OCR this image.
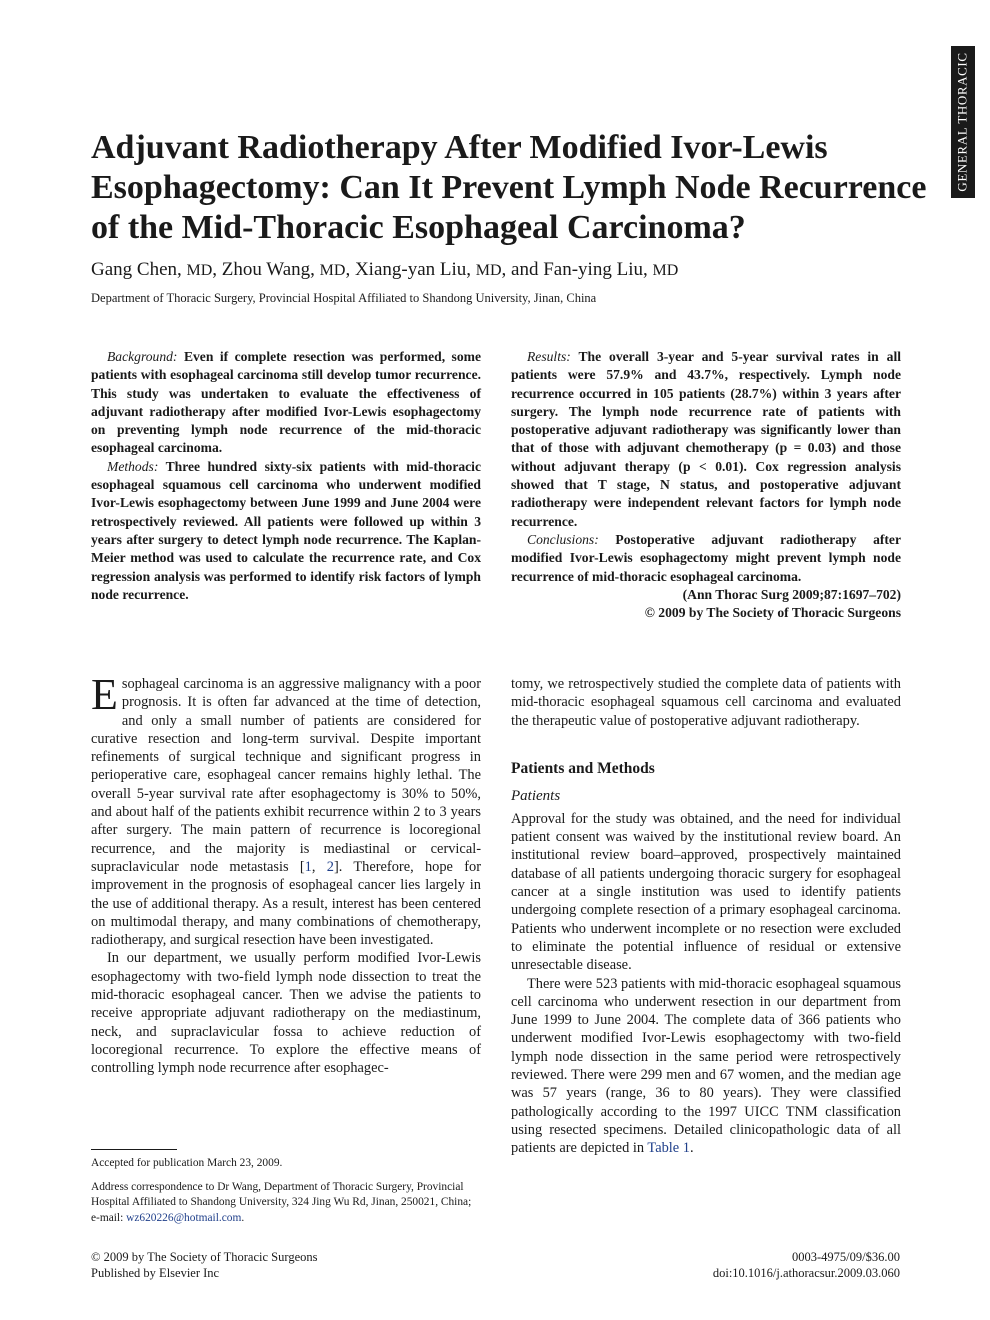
GENERAL THORACIC
Adjuvant Radiotherapy After Modified Ivor-Lewis Esophagectomy: Can It Prevent Lymph Node Recurrence of the Mid-Thoracic Esophageal Carcinoma?

Gang Chen, MD, Zhou Wang, MD, Xiang-yan Liu, MD, and Fan-ying Liu, MD

Department of Thoracic Surgery, Provincial Hospital Affiliated to Shandong University, Jinan, China

Background: Even if complete resection was performed, some patients with esophageal carcinoma still develop tumor recurrence. This study was undertaken to evaluate the effectiveness of adjuvant radiotherapy after modified Ivor-Lewis esophagectomy on preventing lymph node recurrence of the mid-thoracic esophageal carcinoma.

Methods: Three hundred sixty-six patients with mid-thoracic esophageal squamous cell carcinoma who underwent modified Ivor-Lewis esophagectomy between June 1999 and June 2004 were retrospectively reviewed. All patients were followed up within 3 years after surgery to detect lymph node recurrence. The Kaplan-Meier method was used to calculate the recurrence rate, and Cox regression analysis was performed to identify risk factors of lymph node recurrence.

Results: The overall 3-year and 5-year survival rates in all patients were 57.9% and 43.7%, respectively. Lymph node recurrence occurred in 105 patients (28.7%) within 3 years after surgery. The lymph node recurrence rate of patients with postoperative adjuvant radiotherapy was significantly lower than that of those with adjuvant chemotherapy (p = 0.03) and those without adjuvant therapy (p < 0.01). Cox regression analysis showed that T stage, N status, and postoperative adjuvant radiotherapy were independent relevant factors for lymph node recurrence.

Conclusions: Postoperative adjuvant radiotherapy after modified Ivor-Lewis esophagectomy might prevent lymph node recurrence of mid-thoracic esophageal carcinoma.

(Ann Thorac Surg 2009;87:1697–702)

© 2009 by The Society of Thoracic Surgeons

Esophageal carcinoma is an aggressive malignancy with a poor prognosis. It is often far advanced at the time of detection, and only a small number of patients are considered for curative resection and long-term survival. Despite important refinements of surgical technique and significant progress in perioperative care, esophageal cancer remains highly lethal. The overall 5-year survival rate after esophagectomy is 30% to 50%, and about half of the patients exhibit recurrence within 2 to 3 years after surgery. The main pattern of recurrence is locoregional recurrence, and the majority is mediastinal or cervical-supraclavicular node metastasis [1, 2]. Therefore, hope for improvement in the prognosis of esophageal cancer lies largely in the use of additional therapy. As a result, interest has been centered on multimodal therapy, and many combinations of chemotherapy, radiotherapy, and surgical resection have been investigated.

In our department, we usually perform modified Ivor-Lewis esophagectomy with two-field lymph node dissection to treat the mid-thoracic esophageal cancer. Then we advise the patients to receive appropriate adjuvant radiotherapy on the mediastinum, neck, and supraclavicular fossa to achieve reduction of locoregional recurrence. To explore the effective means of controlling lymph node recurrence after esophagec-

tomy, we retrospectively studied the complete data of patients with mid-thoracic esophageal squamous cell carcinoma and evaluated the therapeutic value of postoperative adjuvant radiotherapy.

Patients and Methods
Patients

Approval for the study was obtained, and the need for individual patient consent was waived by the institutional review board. An institutional review board–approved, prospectively maintained database of all patients undergoing thoracic surgery for esophageal cancer at a single institution was used to identify patients undergoing complete resection of a primary esophageal carcinoma. Patients who underwent incomplete or no resection were excluded to eliminate the potential influence of residual or extensive unresectable disease.

There were 523 patients with mid-thoracic esophageal squamous cell carcinoma who underwent resection in our department from June 1999 to June 2004. The complete data of 366 patients who underwent modified Ivor-Lewis esophagectomy with two-field lymph node dissection in the same period were retrospectively reviewed. There were 299 men and 67 women, and the median age was 57 years (range, 36 to 80 years). They were classified pathologically according to the 1997 UICC TNM classification using resected specimens. Detailed clinicopathologic data of all patients are depicted in Table 1.

Accepted for publication March 23, 2009.

Address correspondence to Dr Wang, Department of Thoracic Surgery, Provincial Hospital Affiliated to Shandong University, 324 Jing Wu Rd, Jinan, 250021, China; e-mail: wz620226@hotmail.com.

© 2009 by The Society of Thoracic Surgeons
Published by Elsevier Inc
0003-4975/09/$36.00
doi:10.1016/j.athoracsur.2009.03.060
